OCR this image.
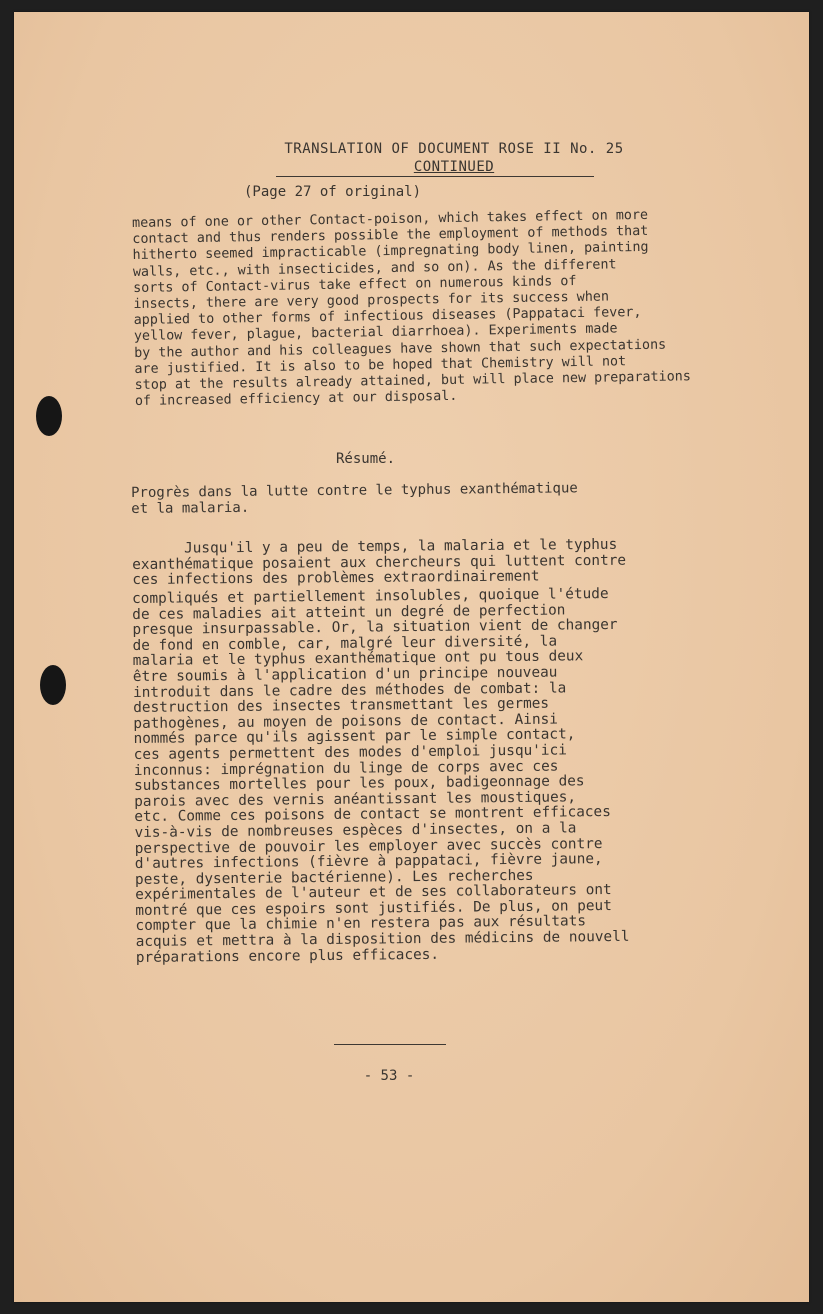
TRANSLATION OF DOCUMENT ROSE II No. 25

CONTINUED
(Page 27 of original)
means of one or other Contact-poison, which takes effect on more
contact and thus renders possible the employment of methods that
hitherto seemed impracticable (impregnating body linen, painting
walls, etc., with insecticides, and so on). As the different
sorts of Contact-virus take effect on numerous kinds of
insects, there are very good prospects for its success when
applied to other forms of infectious diseases (Pappataci fever,
yellow fever, plague, bacterial diarrhoea). Experiments made
by the author and his colleagues have shown that such expectations
are justified. It is also to be hoped that Chemistry will not
stop at the results already attained, but will place new preparations
of increased efficiency at our disposal.
Résumé.
Progrès dans la lutte contre le typhus exanthématique
et la malaria.
Jusqu'il y a peu de temps, la malaria et le typhus
exanthématique posaient aux chercheurs qui luttent contre
ces infections des problèmes extraordinairement
compliqués et partiellement insolubles, quoique l'étude
de ces maladies ait atteint un degré de perfection
presque insurpassable. Or, la situation vient de changer
de fond en comble, car, malgré leur diversité, la
malaria et le typhus exanthématique ont pu tous deux
être soumis à l'application d'un principe nouveau
introduit dans le cadre des méthodes de combat: la
destruction des insectes transmettant les germes
pathogènes, au moyen de poisons de contact. Ainsi
nommés parce qu'ils agissent par le simple contact,
ces agents permettent des modes d'emploi jusqu'ici
inconnus: imprégnation du linge de corps avec ces
substances mortelles pour les poux, badigeonnage des
parois avec des vernis anéantissant les moustiques,
etc. Comme ces poisons de contact se montrent efficaces
vis-à-vis de nombreuses espèces d'insectes, on a la
perspective de pouvoir les employer avec succès contre
d'autres infections (fièvre à pappataci, fièvre jaune,
peste, dysenterie bactérienne). Les recherches
expérimentales de l'auteur et de ses collaborateurs ont
montré que ces espoirs sont justifiés. De plus, on peut
compter que la chimie n'en restera pas aux résultats
acquis et mettra à la disposition des médicins de nouvell
préparations encore plus efficaces.
- 53 -
